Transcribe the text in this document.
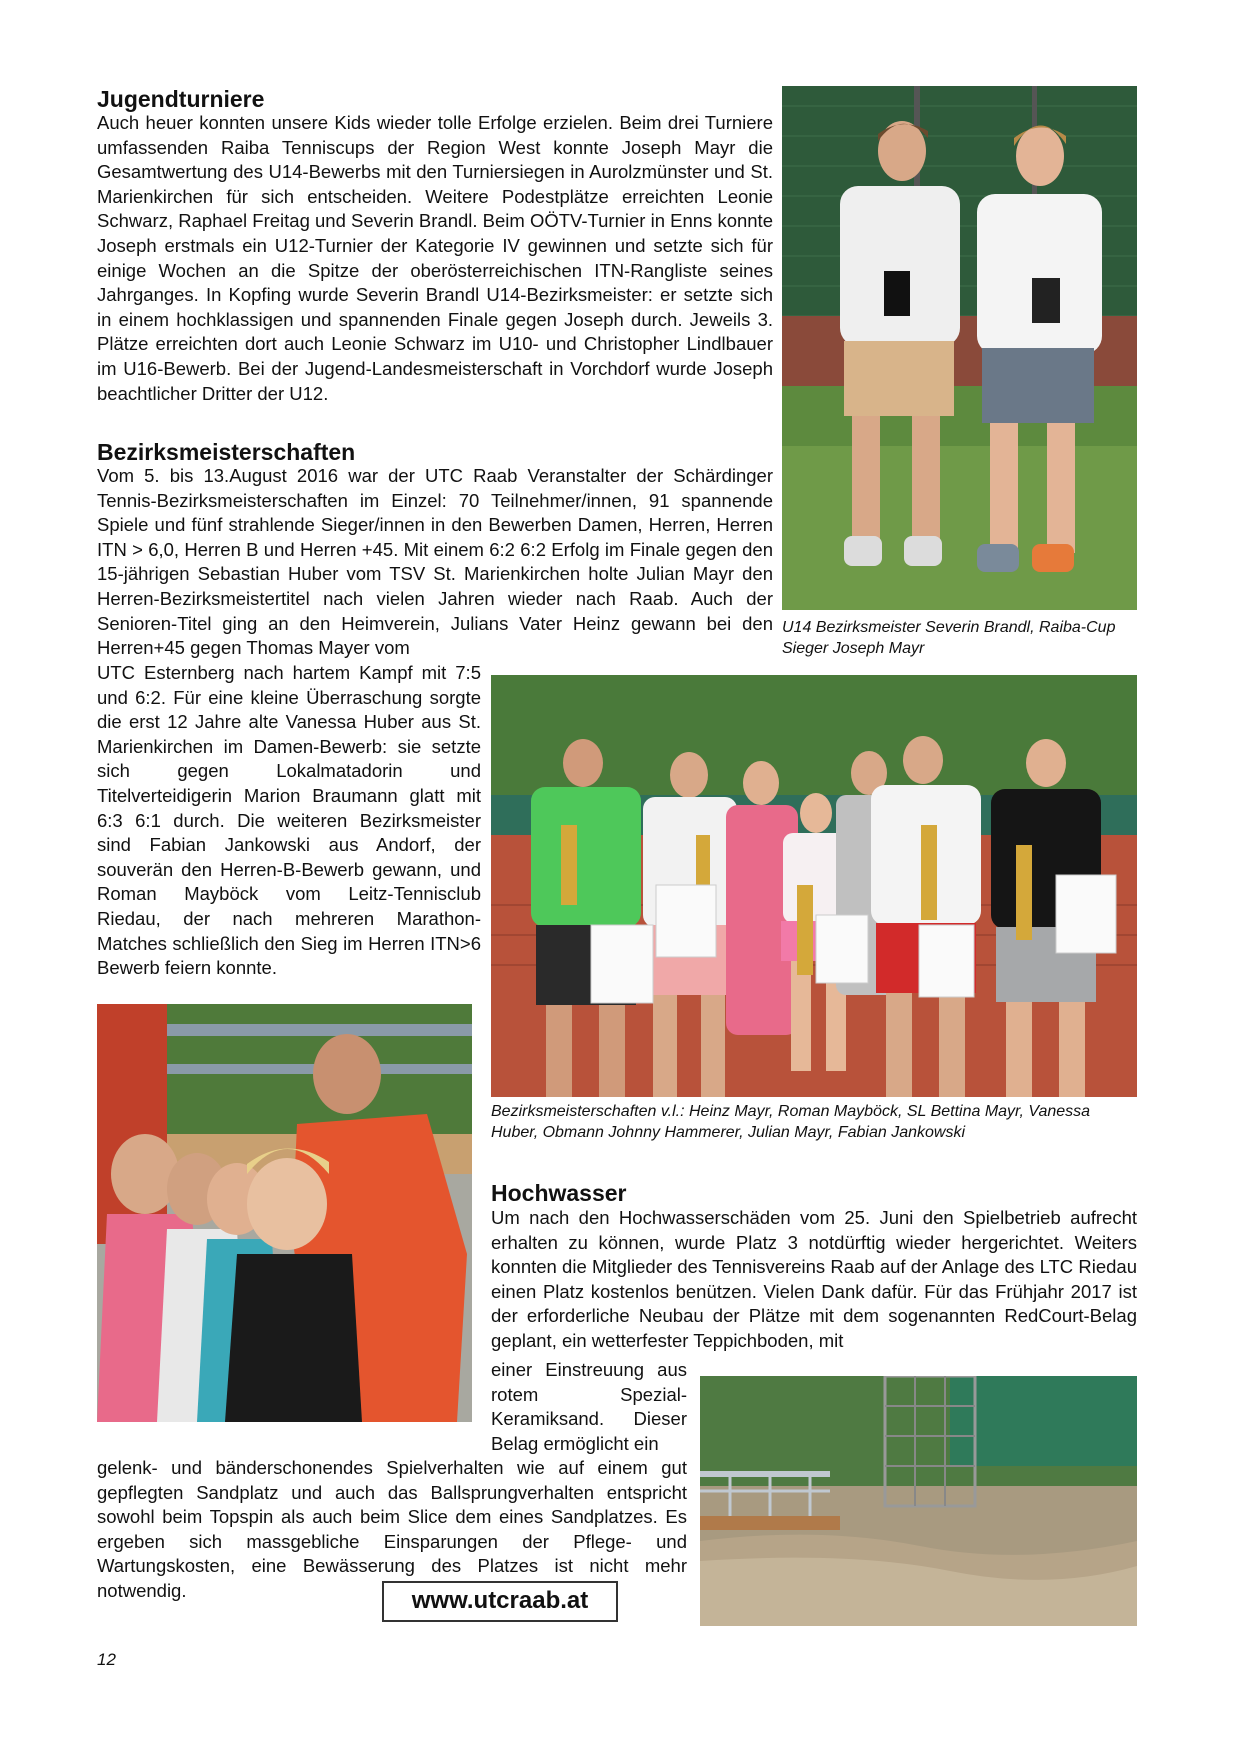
Jugendturniere

Auch heuer konnten unsere Kids wieder tolle Erfolge erzielen. Beim drei Turniere umfassenden Raiba Tenniscups der Region West konnte Joseph Mayr die Gesamtwertung des U14-Bewerbs mit den Turniersiegen in Aurolzmünster und St. Marienkirchen für sich entscheiden. Weitere Podestplätze erreichten Leonie Schwarz, Raphael Freitag und Severin Brandl. Beim OÖTV-Turnier in Enns konnte Joseph erstmals ein U12-Turnier der Kategorie IV gewinnen und setzte sich für einige Wochen an die Spitze der oberösterreichischen ITN-Rangliste seines Jahrganges. In Kopfing wurde Severin Brandl U14-Bezirksmeister: er setzte sich in einem hochklassigen und spannenden Finale gegen Joseph durch. Jeweils 3. Plätze erreichten dort auch Leonie Schwarz im U10- und Christopher Lindlbauer im U16-Bewerb. Bei der Jugend-Landesmeisterschaft in Vorchdorf wurde Joseph beachtlicher Dritter der U12.

U14 Bezirksmeister Severin Brandl, Raiba-Cup Sieger Joseph Mayr

Bezirksmeisterschaften

Vom 5. bis 13.August 2016 war der UTC Raab Veranstalter der Schärdinger Tennis-Bezirksmeisterschaften im Einzel: 70 Teilnehmer/innen, 91 spannende Spiele und fünf strahlende Sieger/innen in den Bewerben Damen, Herren, Herren ITN > 6,0, Herren B und Herren +45. Mit einem 6:2 6:2 Erfolg im Finale gegen den 15-jährigen Sebastian Huber vom TSV St. Marienkirchen holte Julian Mayr den Herren-Bezirksmeistertitel nach vielen Jahren wieder nach Raab. Auch der Senioren-Titel ging an den Heimverein, Julians Vater Heinz gewann bei den Herren+45 gegen Thomas Mayer vom

UTC Esternberg nach hartem Kampf mit 7:5 und 6:2. Für eine kleine Überraschung sorgte die erst 12 Jahre alte Vanessa Huber aus St. Marienkirchen im Damen-Bewerb: sie setzte sich gegen Lokalmatadorin und Titelverteidigerin Marion Braumann glatt mit 6:3 6:1 durch. Die weiteren Bezirksmeister sind Fabian Jankowski aus Andorf, der souverän den Herren-B-Bewerb gewann, und Roman Mayböck vom Leitz-Tennisclub Riedau, der nach mehreren Marathon-Matches schließlich den Sieg im Herren ITN>6 Bewerb feiern konnte.

Bezirksmeisterschaften v.l.: Heinz Mayr, Roman Mayböck, SL Bettina Mayr, Vanessa Huber, Obmann Johnny Hammerer, Julian Mayr, Fabian Jankowski

Hochwasser

Um nach den Hochwasserschäden vom 25. Juni den Spielbetrieb aufrecht erhalten zu können, wurde Platz 3 notdürftig wieder hergerichtet. Weiters konnten die Mitglieder des Tennisvereins Raab auf der Anlage des LTC Riedau einen Platz kostenlos benützen. Vielen Dank dafür. Für das Frühjahr 2017 ist der erforderliche Neubau der Plätze mit dem sogenannten RedCourt-Belag geplant, ein wetterfester Teppichboden, mit

einer Einstreuung aus rotem Spezial-Keramiksand. Dieser Belag ermöglicht ein

gelenk- und bänderschonendes Spielverhalten wie auf einem gut gepflegten Sandplatz und auch das Ballsprungverhalten entspricht sowohl beim Topspin als auch beim Slice dem eines Sandplatzes. Es ergeben sich massgebliche Einsparungen der Pflege- und Wartungskosten, eine Bewässerung des Platzes ist nicht mehr notwendig.	www.utcraab.at
12
